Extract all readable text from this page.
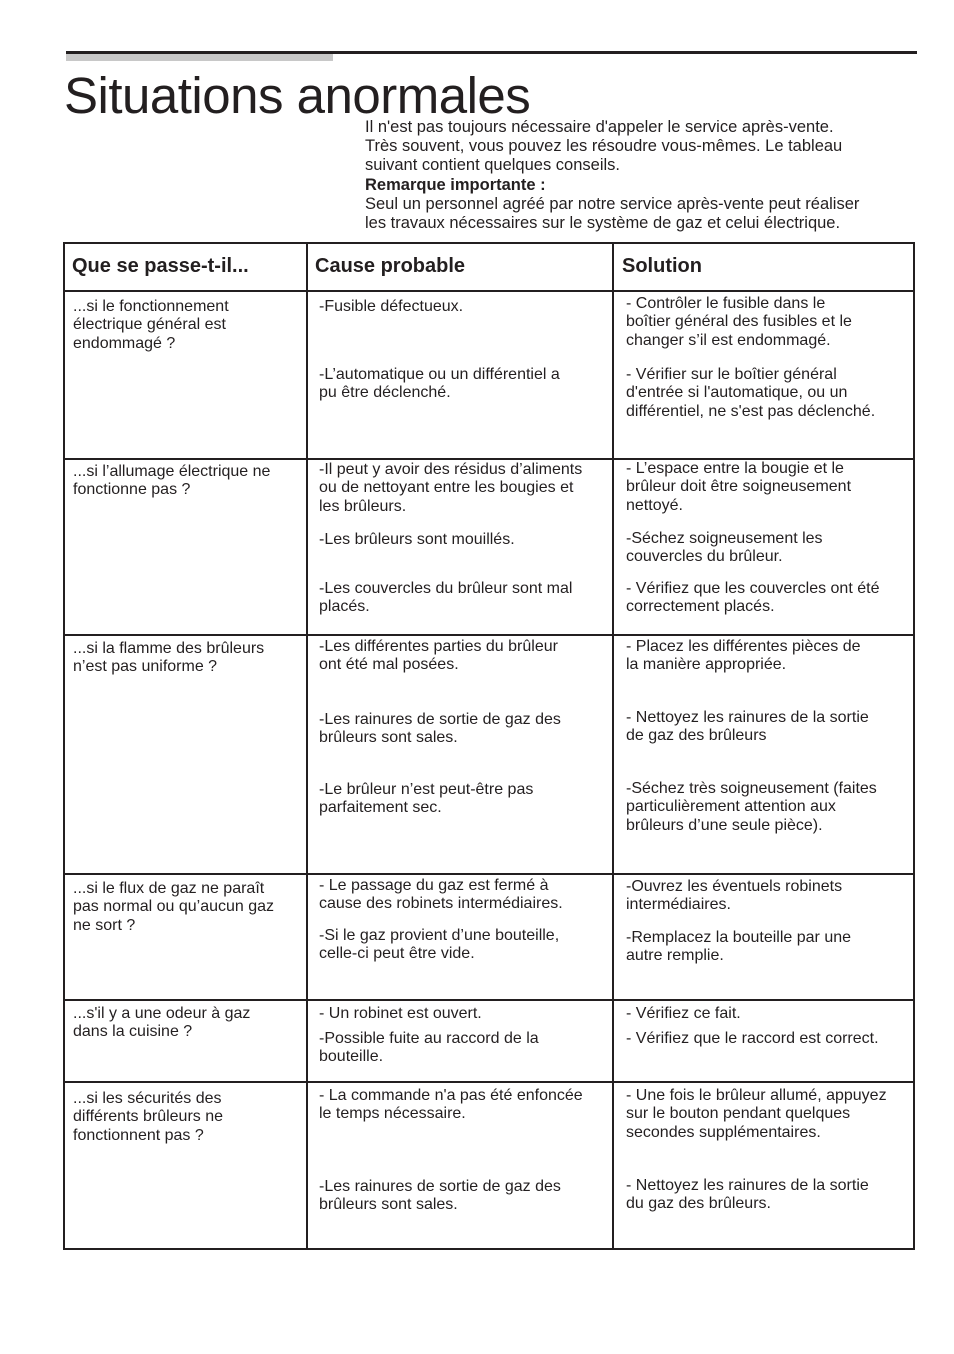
Situations anormales

Il n'est pas toujours nécessaire d'appeler le service après-vente.

Très souvent, vous pouvez les résoudre vous-mêmes. Le tableau

suivant contient quelques conseils.

Remarque importante :

Seul un personnel agréé par notre service après-vente peut réaliser

les travaux nécessaires sur le système de gaz et celui électrique.

Que se passe-t-il...	Cause probable	Solution
...si le fonctionnement
électrique général est
endommagé ?
-Fusible défectueux.
-L’automatique ou un différentiel a
pu être déclenché.
- Contrôler le fusible dans le
boîtier général des fusibles et le
changer s’il est endommagé.
- Vérifier sur le boîtier général
d'entrée si l'automatique, ou un
différentiel, ne s'est pas déclenché.
...si l’allumage électrique ne
fonctionne pas ?
-Il peut y avoir des résidus d’aliments
ou de nettoyant entre les bougies et
les brûleurs.
-Les brûleurs sont mouillés.
-Les couvercles du brûleur sont mal
placés.
- L’espace entre la bougie et le
brûleur doit être soigneusement
nettoyé.
-Séchez soigneusement les
couvercles du brûleur.
- Vérifiez que les couvercles ont été
correctement placés.
...si la flamme des brûleurs
n’est pas uniforme ?
-Les différentes parties du brûleur
ont été mal posées.
-Les rainures de sortie de gaz des
brûleurs sont sales.
-Le brûleur n’est peut-être pas
parfaitement sec.
- Placez les différentes pièces de
la manière appropriée.
- Nettoyez les rainures de la sortie
de gaz des brûleurs
-Séchez très soigneusement (faites
particulièrement attention aux
brûleurs d’une seule pièce).
...si le flux de gaz ne paraît
pas normal ou qu’aucun gaz
ne sort ?
- Le passage du gaz est fermé à
cause des robinets intermédiaires.
-Si le gaz provient d’une bouteille,
celle-ci peut être vide.
-Ouvrez les éventuels robinets
intermédiaires.
-Remplacez la bouteille par une
autre remplie.
...s'il y a une odeur à gaz
dans la cuisine ?
- Un robinet est ouvert.
-Possible fuite au raccord de la
bouteille.
- Vérifiez ce fait.
- Vérifiez que le raccord est correct.
...si les sécurités des
différents brûleurs ne
fonctionnent pas ?
- La commande n'a pas été enfoncée
le temps nécessaire.
-Les rainures de sortie de gaz des
brûleurs sont sales.
- Une fois le brûleur allumé, appuyez
sur le bouton pendant quelques
secondes supplémentaires.
- Nettoyez les rainures de la sortie
du gaz des brûleurs.
